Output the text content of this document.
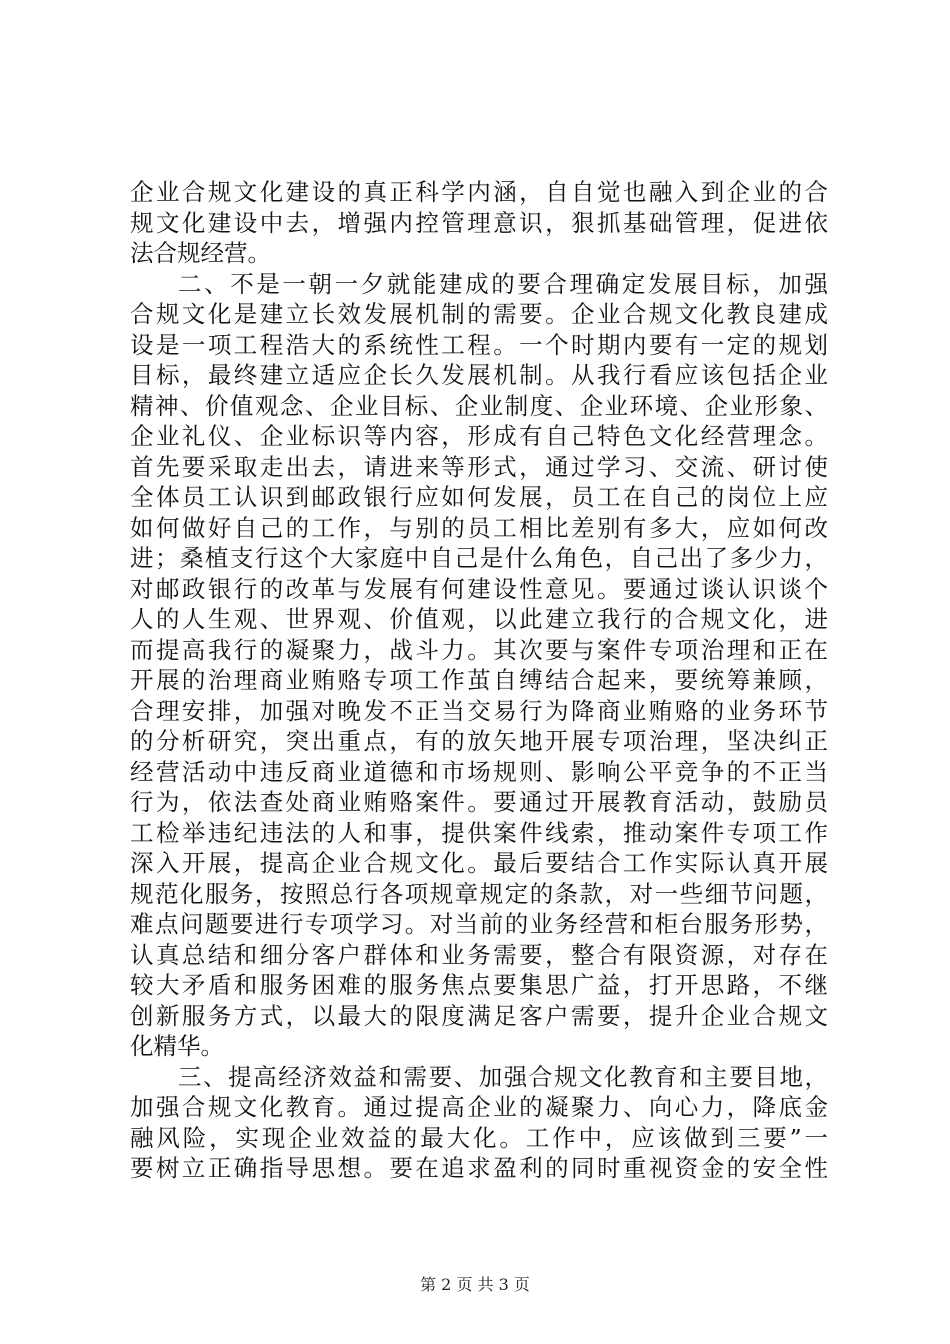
企业合规文化建设的真正科学内涵，自自觉也融入到企业的合
规文化建设中去，增强内控管理意识，狠抓基础管理，促进依
法合规经营。
二、不是一朝一夕就能建成的要合理确定发展目标，加强
合规文化是建立长效发展机制的需要。企业合规文化教良建成
设是一项工程浩大的系统性工程。一个时期内要有一定的规划
目标，最终建立适应企长久发展机制。从我行看应该包括企业
精神、价值观念、企业目标、企业制度、企业环境、企业形象、
企业礼仪、企业标识等内容，形成有自己特色文化经营理念。
首先要采取走出去，请进来等形式，通过学习、交流、研讨使
全体员工认识到邮政银行应如何发展，员工在自己的岗位上应
如何做好自己的工作，与别的员工相比差别有多大，应如何改
进；桑植支行这个大家庭中自己是什么角色，自己出了多少力，
对邮政银行的改革与发展有何建设性意见。要通过谈认识谈个
人的人生观、世界观、价值观，以此建立我行的合规文化，进
而提高我行的凝聚力，战斗力。其次要与案件专项治理和正在
开展的治理商业贿赂专项工作茧自缚结合起来，要统筹兼顾，
合理安排，加强对晚发不正当交易行为降商业贿赂的业务环节
的分析研究，突出重点，有的放矢地开展专项治理，坚决纠正
经营活动中违反商业道德和市场规则、影响公平竞争的不正当
行为，依法查处商业贿赂案件。要通过开展教育活动，鼓励员
工检举违纪违法的人和事，提供案件线索，推动案件专项工作
深入开展，提高企业合规文化。最后要结合工作实际认真开展
规范化服务，按照总行各项规章规定的条款，对一些细节问题，
难点问题要进行专项学习。对当前的业务经营和柜台服务形势，
认真总结和细分客户群体和业务需要，整合有限资源，对存在
较大矛盾和服务困难的服务焦点要集思广益，打开思路，不继
创新服务方式，以最大的限度满足客户需要，提升企业合规文
化精华。
三、提高经济效益和需要、加强合规文化教育和主要目地，
加强合规文化教育。通过提高企业的凝聚力、向心力，降底金
融风险，实现企业效益的最大化。工作中，应该做到三要”一
要树立正确指导思想。要在追求盈利的同时重视资金的安全性
第 2 页 共 3 页
